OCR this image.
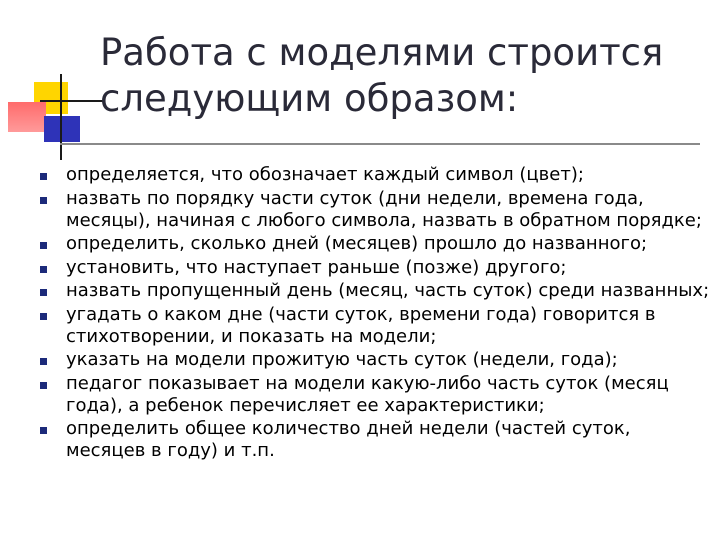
Работа с моделями строится следующим образом:
определяется, что обозначает каждый символ (цвет);
назвать по порядку части суток (дни недели, времена года, месяцы), начиная с любого символа, назвать в обратном порядке;
определить, сколько дней (месяцев) прошло до названного;
установить, что наступает раньше (позже) другого;
назвать пропущенный день (месяц, часть суток) среди названных;
угадать о каком дне (части суток, времени года) говорится в стихотворении, и показать на модели;
указать на модели прожитую часть суток (недели, года);
педагог показывает на модели какую-либо часть суток (месяц года), а ребенок перечисляет ее характеристики;
определить общее количество дней недели (частей суток, месяцев в году) и т.п.
